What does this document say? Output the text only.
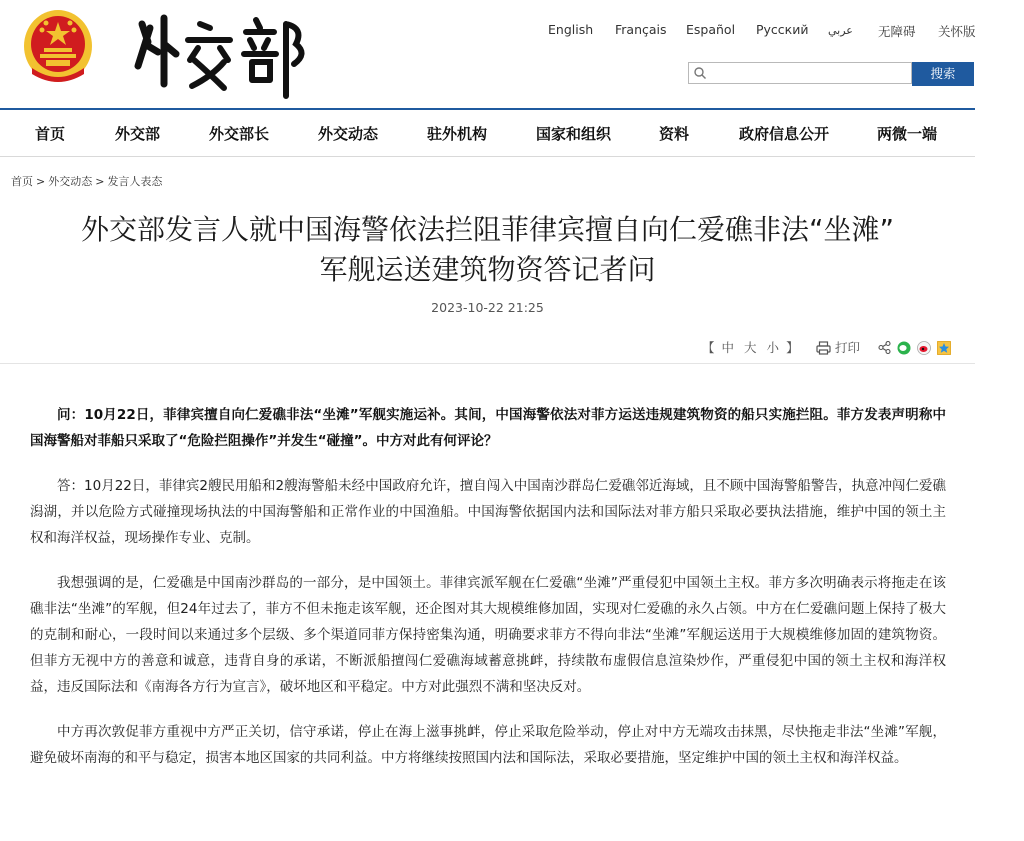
English Français Español Русский عربي 无障碍 关怀版
搜索
首页	外交部	外交部长	外交动态	驻外机构	国家和组织	资料	政府信息公开	两微一端
首页 > 外交动态 > 发言人表态
外交部发言人就中国海警依法拦阻菲律宾擅自向仁爱礁非法“坐滩”
军舰运送建筑物资答记者问
2023-10-22 21:25
【 中 大 小 】	打印

问：10月22日，菲律宾擅自向仁爱礁非法“坐滩”军舰实施运补。其间，中国海警依法对菲方运送违规建筑物资的船只实施拦阻。菲方发表声明称中国海警船对菲船只采取了“危险拦阻操作”并发生“碰撞”。中方对此有何评论？

答：10月22日，菲律宾2艘民用船和2艘海警船未经中国政府允许，擅自闯入中国南沙群岛仁爱礁邻近海域，且不顾中国海警船警告，执意冲闯仁爱礁潟湖，并以危险方式碰撞现场执法的中国海警船和正常作业的中国渔船。中国海警依据国内法和国际法对菲方船只采取必要执法措施，维护中国的领土主权和海洋权益，现场操作专业、克制。

我想强调的是，仁爱礁是中国南沙群岛的一部分，是中国领土。菲律宾派军舰在仁爱礁“坐滩”严重侵犯中国领土主权。菲方多次明确表示将拖走在该礁非法“坐滩”的军舰，但24年过去了，菲方不但未拖走该军舰，还企图对其大规模维修加固，实现对仁爱礁的永久占领。中方在仁爱礁问题上保持了极大的克制和耐心，一段时间以来通过多个层级、多个渠道同菲方保持密集沟通，明确要求菲方不得向非法“坐滩”军舰运送用于大规模维修加固的建筑物资。但菲方无视中方的善意和诚意，违背自身的承诺，不断派船擅闯仁爱礁海域蓄意挑衅，持续散布虚假信息渲染炒作，严重侵犯中国的领土主权和海洋权益，违反国际法和《南海各方行为宣言》，破坏地区和平稳定。中方对此强烈不满和坚决反对。

中方再次敦促菲方重视中方严正关切，信守承诺，停止在海上滋事挑衅，停止采取危险举动，停止对中方无端攻击抹黑，尽快拖走非法“坐滩”军舰，避免破坏南海的和平与稳定，损害本地区国家的共同利益。中方将继续按照国内法和国际法，采取必要措施，坚定维护中国的领土主权和海洋权益。
